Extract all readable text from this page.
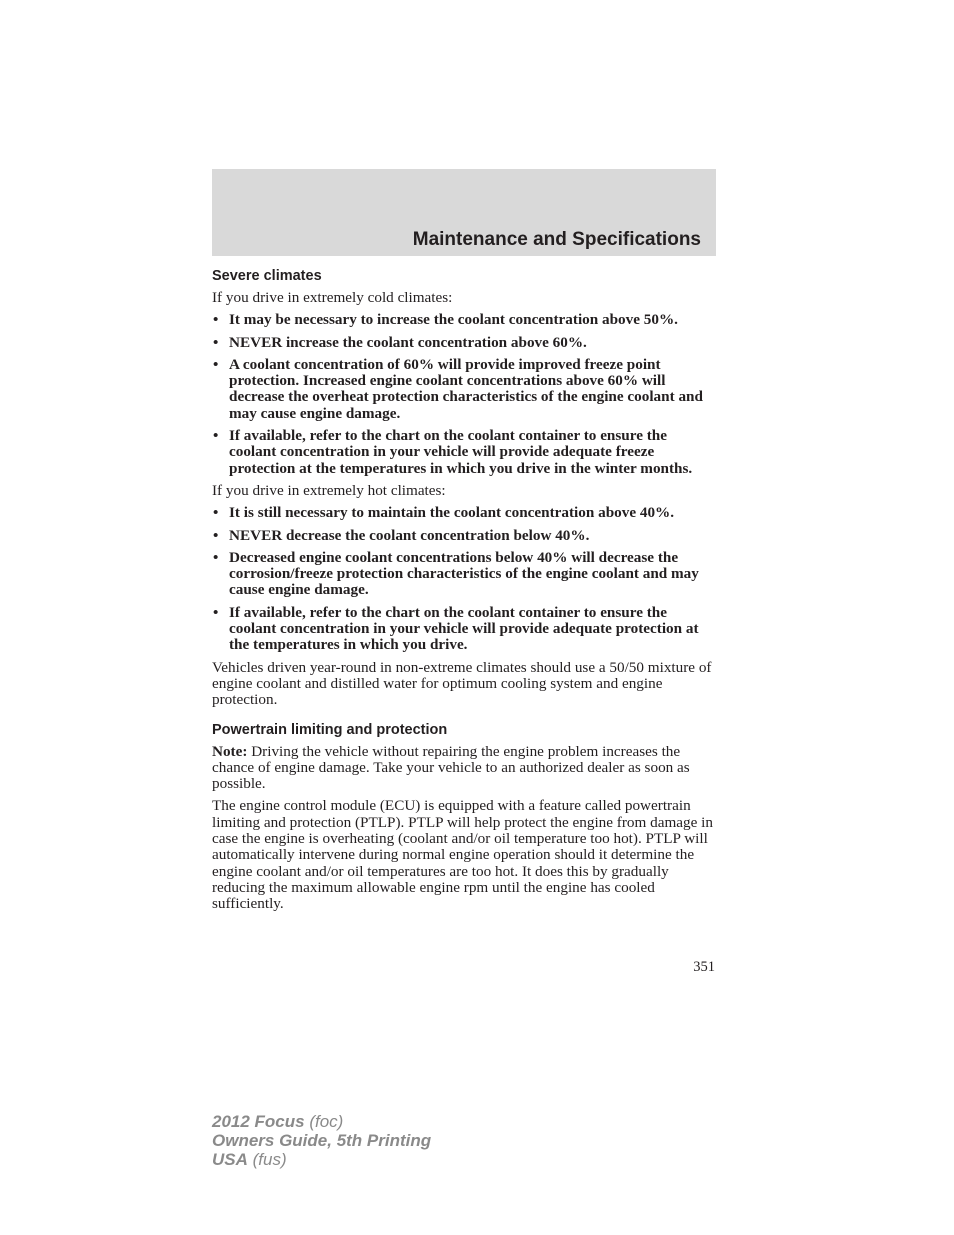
Maintenance and Specifications
Severe climates

If you drive in extremely cold climates:

• It may be necessary to increase the coolant concentration above 50%.
• NEVER increase the coolant concentration above 60%.
• A coolant concentration of 60% will provide improved freeze point protection. Increased engine coolant concentrations above 60% will decrease the overheat protection characteristics of the engine coolant and may cause engine damage.
• If available, refer to the chart on the coolant container to ensure the coolant concentration in your vehicle will provide adequate freeze protection at the temperatures in which you drive in the winter months.

If you drive in extremely hot climates:

• It is still necessary to maintain the coolant concentration above 40%.
• NEVER decrease the coolant concentration below 40%.
• Decreased engine coolant concentrations below 40% will decrease the corrosion/freeze protection characteristics of the engine coolant and may cause engine damage.
• If available, refer to the chart on the coolant container to ensure the coolant concentration in your vehicle will provide adequate protection at the temperatures in which you drive.

Vehicles driven year-round in non-extreme climates should use a 50/50 mixture of engine coolant and distilled water for optimum cooling system and engine protection.

Powertrain limiting and protection

Note: Driving the vehicle without repairing the engine problem increases the chance of engine damage. Take your vehicle to an authorized dealer as soon as possible.

The engine control module (ECU) is equipped with a feature called powertrain limiting and protection (PTLP). PTLP will help protect the engine from damage in case the engine is overheating (coolant and/or oil temperature too hot). PTLP will automatically intervene during normal engine operation should it determine the engine coolant and/or oil temperatures are too hot. It does this by gradually reducing the maximum allowable engine rpm until the engine has cooled sufficiently.

351
2012 Focus (foc)
Owners Guide, 5th Printing
USA (fus)
